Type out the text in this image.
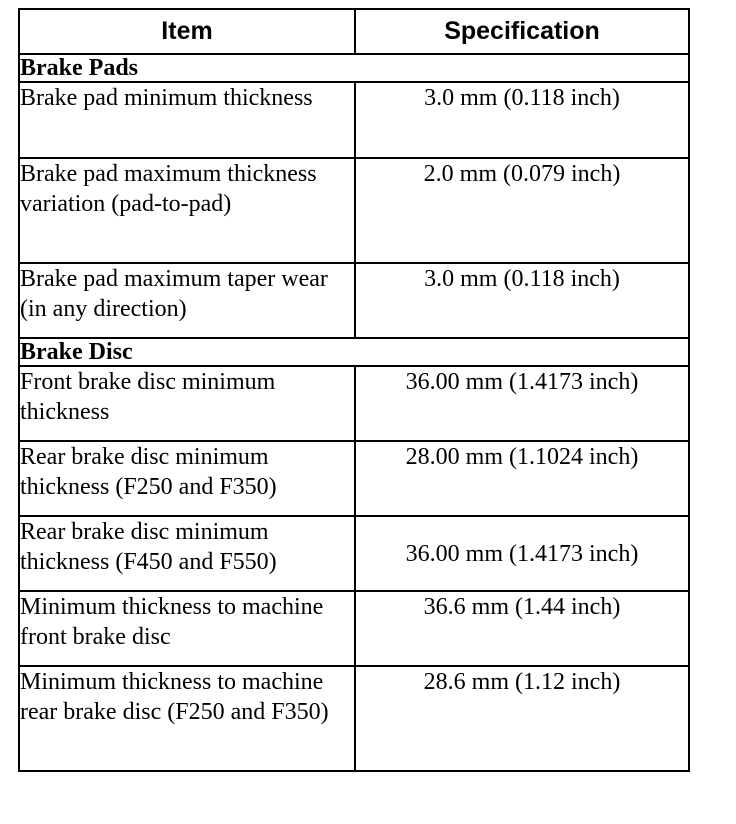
Item	Specification
Brake Pads	
Brake pad minimum thickness	3.0 mm (0.118 inch)
Brake pad maximum thickness variation (pad-to-pad)	2.0 mm (0.079 inch)
Brake pad maximum taper wear (in any direction)	3.0 mm (0.118 inch)
Brake Disc	
Front brake disc minimum thickness	36.00 mm (1.4173 inch)
Rear brake disc minimum thickness (F250 and F350)	28.00 mm (1.1024 inch)
Rear brake disc minimum thickness (F450 and F550)	36.00 mm (1.4173 inch)
Minimum thickness to machine front brake disc	36.6 mm (1.44 inch)
Minimum thickness to machine rear brake disc (F250 and F350)	28.6 mm (1.12 inch)
